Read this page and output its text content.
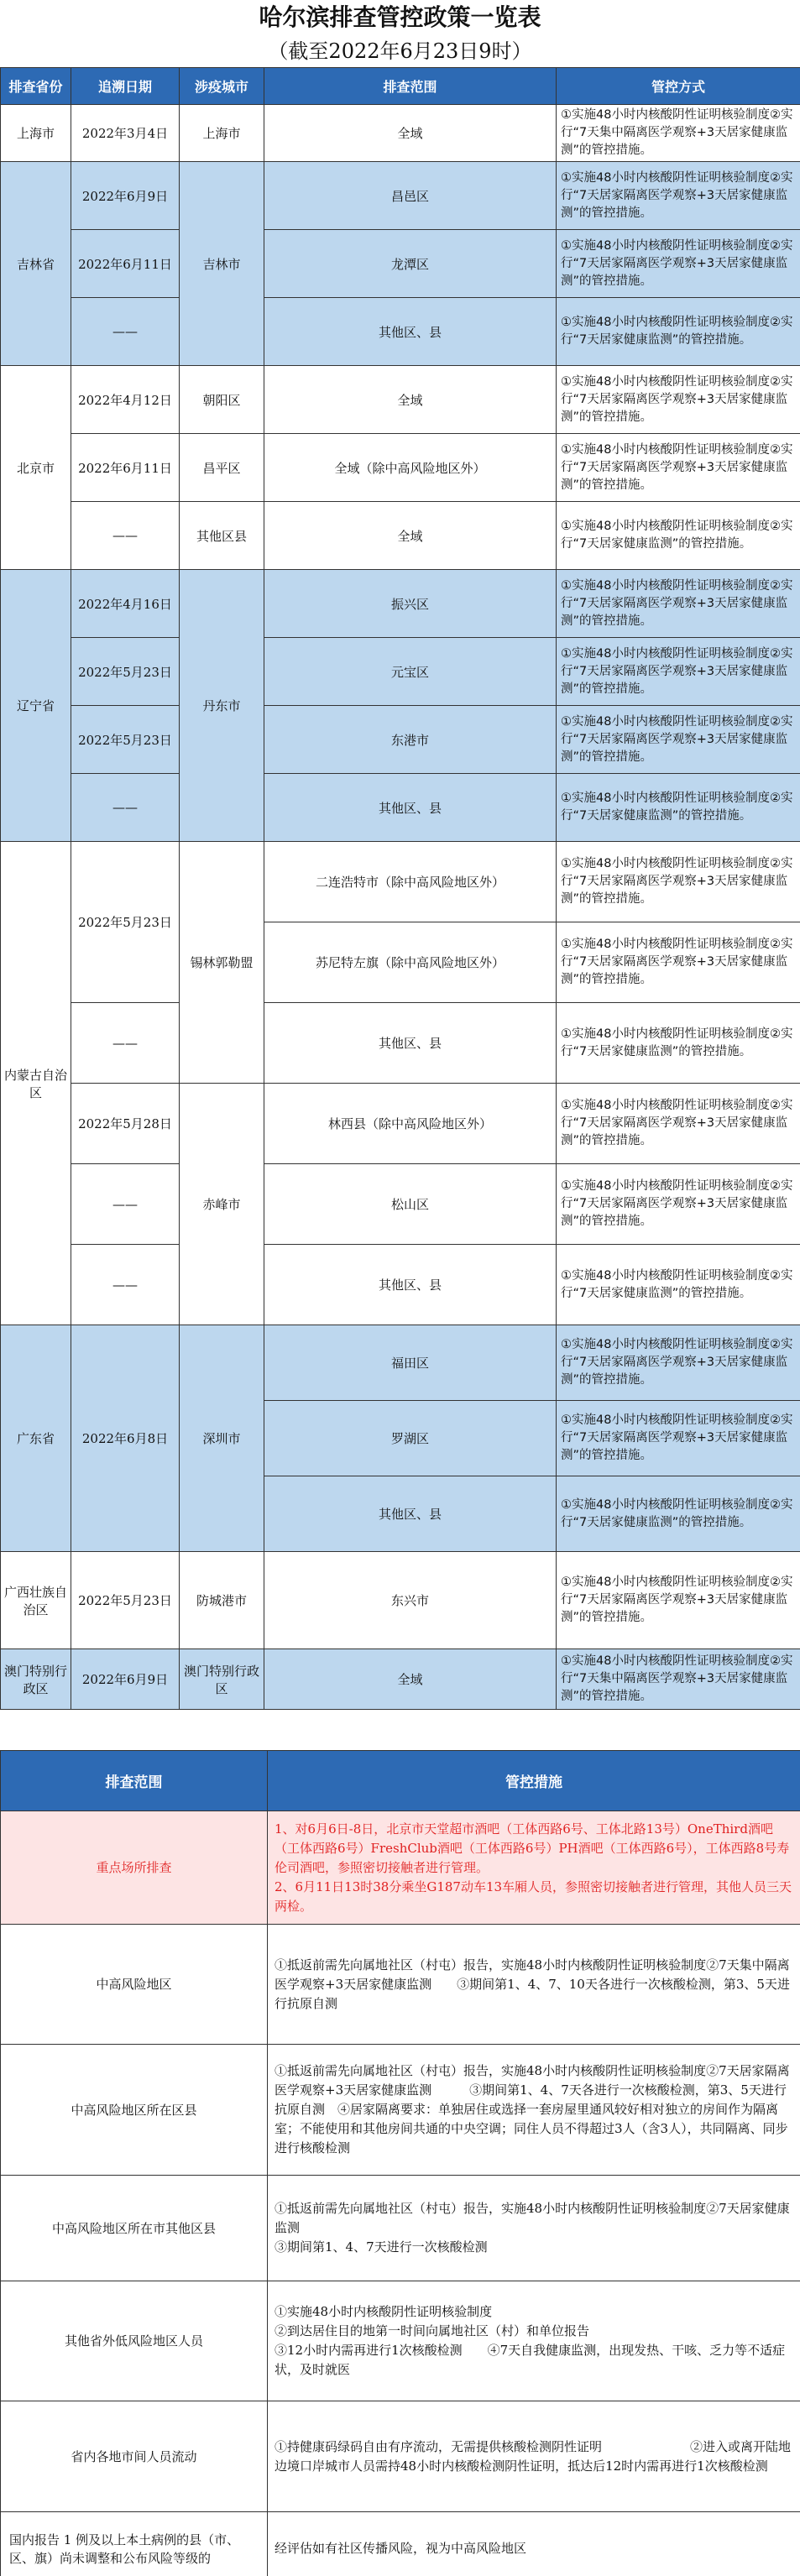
哈尔滨排查管控政策一览表
（截至2022年6月23日9时）
排查省份	追溯日期	涉疫城市	排查范围	管控方式
上海市	2022年3月4日	上海市	全域	①实施48小时内核酸阴性证明核验制度②实行“7天集中隔离医学观察+3天居家健康监测”的管控措施。
吉林省	2022年6月9日	吉林市	昌邑区	①实施48小时内核酸阴性证明核验制度②实行“7天居家隔离医学观察+3天居家健康监测”的管控措施。
	2022年6月11日		龙潭区	①实施48小时内核酸阴性证明核验制度②实行“7天居家隔离医学观察+3天居家健康监测”的管控措施。
	——		其他区、县	①实施48小时内核酸阴性证明核验制度②实行“7天居家健康监测”的管控措施。
北京市	2022年4月12日	朝阳区	全域	①实施48小时内核酸阴性证明核验制度②实行“7天居家隔离医学观察+3天居家健康监测”的管控措施。
	2022年6月11日	昌平区	全域（除中高风险地区外）	①实施48小时内核酸阴性证明核验制度②实行“7天居家隔离医学观察+3天居家健康监测”的管控措施。
	——	其他区县	全域	①实施48小时内核酸阴性证明核验制度②实行“7天居家健康监测”的管控措施。
辽宁省	2022年4月16日	丹东市	振兴区	①实施48小时内核酸阴性证明核验制度②实行“7天居家隔离医学观察+3天居家健康监测”的管控措施。
	2022年5月23日		元宝区	①实施48小时内核酸阴性证明核验制度②实行“7天居家隔离医学观察+3天居家健康监测”的管控措施。
	2022年5月23日		东港市	①实施48小时内核酸阴性证明核验制度②实行“7天居家隔离医学观察+3天居家健康监测”的管控措施。
	——		其他区、县	①实施48小时内核酸阴性证明核验制度②实行“7天居家健康监测”的管控措施。
内蒙古自治区	2022年5月23日	锡林郭勒盟	二连浩特市（除中高风险地区外）	①实施48小时内核酸阴性证明核验制度②实行“7天居家隔离医学观察+3天居家健康监测”的管控措施。
			苏尼特左旗（除中高风险地区外）	①实施48小时内核酸阴性证明核验制度②实行“7天居家隔离医学观察+3天居家健康监测”的管控措施。
	——		其他区、县	①实施48小时内核酸阴性证明核验制度②实行“7天居家健康监测”的管控措施。
	2022年5月28日	赤峰市	林西县（除中高风险地区外）	①实施48小时内核酸阴性证明核验制度②实行“7天居家隔离医学观察+3天居家健康监测”的管控措施。
	——		松山区	①实施48小时内核酸阴性证明核验制度②实行“7天居家隔离医学观察+3天居家健康监测”的管控措施。
	——		其他区、县	①实施48小时内核酸阴性证明核验制度②实行“7天居家健康监测”的管控措施。
广东省	2022年6月8日	深圳市	福田区	①实施48小时内核酸阴性证明核验制度②实行“7天居家隔离医学观察+3天居家健康监测”的管控措施。
			罗湖区	①实施48小时内核酸阴性证明核验制度②实行“7天居家隔离医学观察+3天居家健康监测”的管控措施。
			其他区、县	①实施48小时内核酸阴性证明核验制度②实行“7天居家健康监测”的管控措施。
广西壮族自治区	2022年5月23日	防城港市	东兴市	①实施48小时内核酸阴性证明核验制度②实行“7天居家隔离医学观察+3天居家健康监测”的管控措施。
澳门特别行政区	2022年6月9日	澳门特别行政区	全域	①实施48小时内核酸阴性证明核验制度②实行“7天集中隔离医学观察+3天居家健康监测”的管控措施。
排查范围	管控措施
重点场所排查	1、对6月6日-8日，北京市天堂超市酒吧（工体西路6号、工体北路13号）OneThird酒吧（工体西路6号）FreshClub酒吧（工体西路6号）PH酒吧（工体西路6号），工体西路8号寿伦司酒吧，参照密切接触者进行管理。
2、6月11日13时38分乘坐G187动车13车厢人员，参照密切接触者进行管理，其他人员三天两检。

中高风险地区	①抵返前需先向属地社区（村屯）报告，实施48小时内核酸阴性证明核验制度②7天集中隔离医学观察+3天居家健康监测　　③期间第1、4、7、10天各进行一次核酸检测，第3、5天进行抗原自测

中高风险地区所在区县	①抵返前需先向属地社区（村屯）报告，实施48小时内核酸阴性证明核验制度②7天居家隔离医学观察+3天居家健康监测　　　③期间第1、4、7天各进行一次核酸检测，第3、5天进行抗原自测　④居家隔离要求：单独居住或选择一套房屋里通风较好相对独立的房间作为隔离室；不能使用和其他房间共通的中央空调；同住人员不得超过3人（含3人），共同隔离、同步进行核酸检测

中高风险地区所在市其他区县	①抵返前需先向属地社区（村屯）报告，实施48小时内核酸阴性证明核验制度②7天居家健康监测
③期间第1、4、7天进行一次核酸检测

其他省外低风险地区人员	①实施48小时内核酸阴性证明核验制度
②到达居住目的地第一时间向属地社区（村）和单位报告
③12小时内需再进行1次核酸检测　　④7天自我健康监测，出现发热、干咳、乏力等不适症状，及时就医

省内各地市间人员流动	①持健康码绿码自由有序流动，无需提供核酸检测阴性证明　　　　　　　②进入或离开陆地边境口岸城市人员需持48小时内核酸检测阴性证明，抵达后12时内需再进行1次核酸检测

国内报告 1 例及以上本土病例的县（市、区、旗）尚未调整和公布风险等级的	经评估如有社区传播风险，视为中高风险地区
